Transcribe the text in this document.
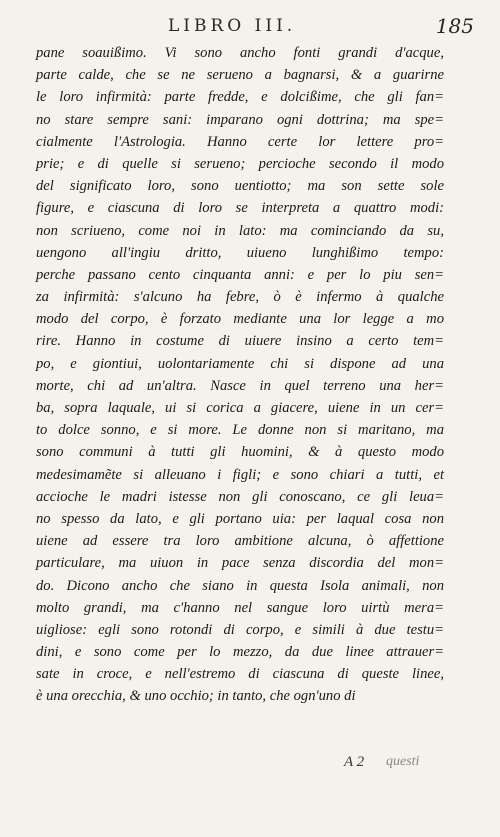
LIBRO III.	185
pane soauißimo. Vi sono ancho fonti grandi d'acque,
parte calde, che se ne serueno a bagnarsi, & a guarirne
le loro infirmità: parte fredde, e dolcißime, che gli fan=
no stare sempre sani: imparano ogni dottrina; ma spe=
cialmente l'Astrologia. Hanno certe lor lettere pro=
prie; e di quelle si serueno; percioche secondo il modo
del significato loro, sono uentiotto; ma son sette sole
figure, e ciascuna di loro se interpreta a quattro modi:
non scriueno, come noi in lato: ma cominciando da su,
uengono all'ingiu dritto, uiueno lunghißimo tempo:
perche passano cento cinquanta anni: e per lo piu sen=
za infirmità: s'alcuno ha febre, ò è infermo à qualche
modo del corpo, è forzato mediante una lor legge a mo
rire. Hanno in costume di uiuere insino a certo tem=
po, e giontiui, uolontariamente chi si dispone ad una
morte, chi ad un'altra. Nasce in quel terreno una her=
ba, sopra laquale, ui si corica a giacere, uiene in un cer=
to dolce sonno, e si more. Le donne non si maritano, ma
sono communi à tutti gli huomini, & à questo modo
medesimamẽte si alleuano i figli; e sono chiari a tutti, et
accioche le madri istesse non gli conoscano, ce gli leua=
no spesso da lato, e gli portano uia: per laqual cosa non
uiene ad essere tra loro ambitione alcuna, ò affettione
particulare, ma uiuon in pace senza discordia del mon=
do. Dicono ancho che siano in questa Isola animali, non
molto grandi, ma c'hanno nel sangue loro uirtù mera=
uigliose: egli sono rotondi di corpo, e simili à due testu=
dini, e sono come per lo mezzo, da due linee attrauer=
sate in croce, e nell'estremo di ciascuna di queste linee,
è una orecchia, & uno occhio; in tanto, che ogn'uno di
A 2 questi
